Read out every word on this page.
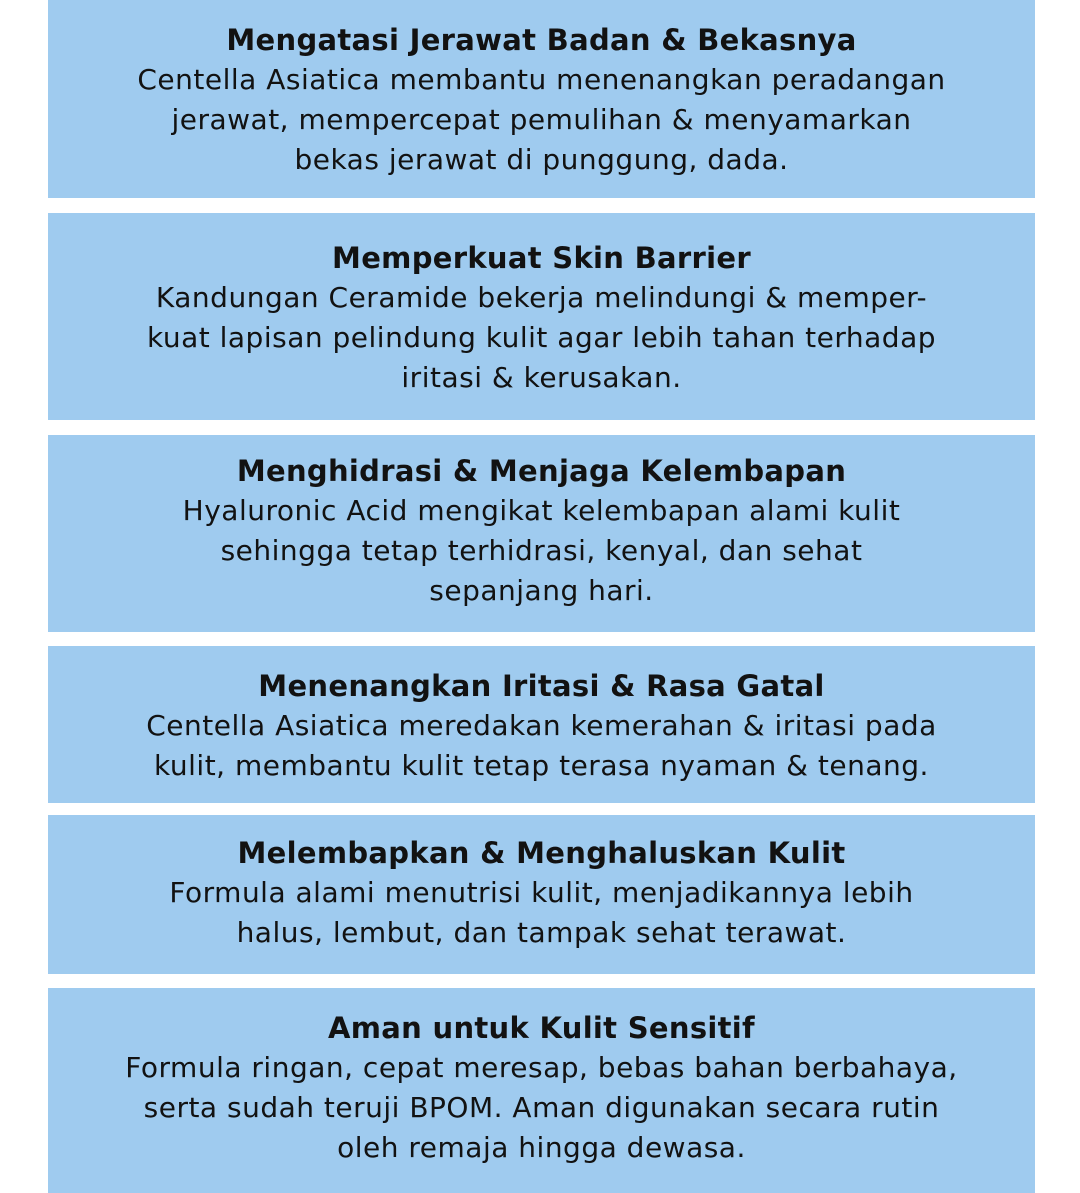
Mengatasi Jerawat Badan & Bekasnya
Centella Asiatica membantu menenangkan peradangan
jerawat, mempercepat pemulihan & menyamarkan
bekas jerawat di punggung, dada.
Memperkuat Skin Barrier
Kandungan Ceramide bekerja melindungi & memper-
kuat lapisan pelindung kulit agar lebih tahan terhadap
iritasi & kerusakan.
Menghidrasi & Menjaga Kelembapan
Hyaluronic Acid mengikat kelembapan alami kulit
sehingga tetap terhidrasi, kenyal, dan sehat
sepanjang hari.
Menenangkan Iritasi & Rasa Gatal
Centella Asiatica meredakan kemerahan & iritasi pada
kulit, membantu kulit tetap terasa nyaman & tenang.
Melembapkan & Menghaluskan Kulit
Formula alami menutrisi kulit, menjadikannya lebih
halus, lembut, dan tampak sehat terawat.
Aman untuk Kulit Sensitif
Formula ringan, cepat meresap, bebas bahan berbahaya,
serta sudah teruji BPOM. Aman digunakan secara rutin
oleh remaja hingga dewasa.
